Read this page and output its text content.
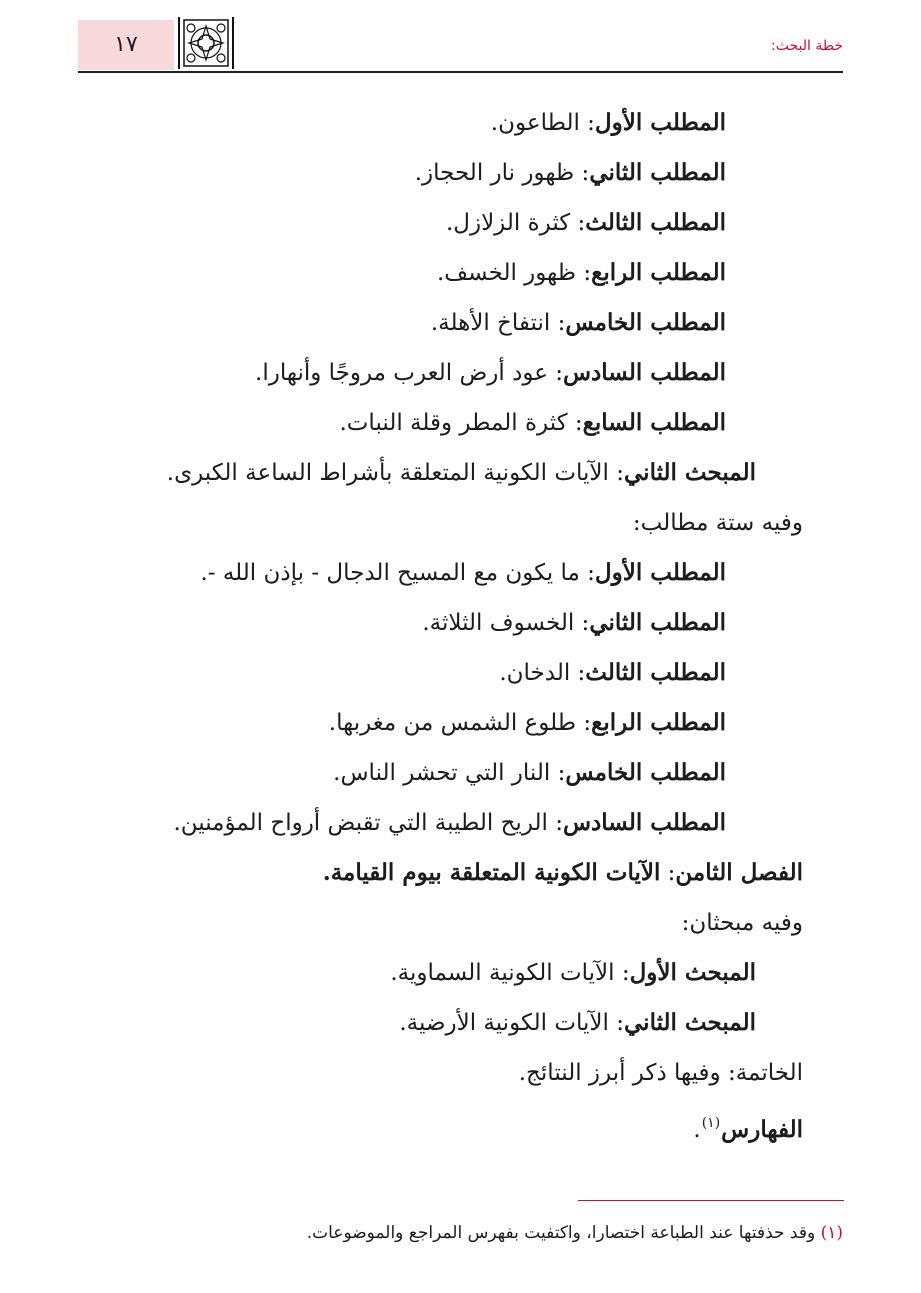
خطة البحث:
١٧
المطلب الأول: الطاعون.
المطلب الثاني: ظهور نار الحجاز.
المطلب الثالث: كثرة الزلازل.
المطلب الرابع: ظهور الخسف.
المطلب الخامس: انتفاخ الأهلة.
المطلب السادس: عود أرض العرب مروجًا وأنهارا.
المطلب السابع: كثرة المطر وقلة النبات.
المبحث الثاني: الآيات الكونية المتعلقة بأشراط الساعة الكبرى.
وفيه ستة مطالب:
المطلب الأول: ما يكون مع المسيح الدجال - بإذن الله -.
المطلب الثاني: الخسوف الثلاثة.
المطلب الثالث: الدخان.
المطلب الرابع: طلوع الشمس من مغربها.
المطلب الخامس: النار التي تحشر الناس.
المطلب السادس: الريح الطيبة التي تقبض أرواح المؤمنين.
الفصل الثامن: الآيات الكونية المتعلقة بيوم القيامة.
وفيه مبحثان:
المبحث الأول: الآيات الكونية السماوية.
المبحث الثاني: الآيات الكونية الأرضية.
الخاتمة: وفيها ذكر أبرز النتائج.
الفهارس$^{(١)}$.
(١) وقد حذفتها عند الطباعة اختصارا، واكتفيت بفهرس المراجع والموضوعات.
